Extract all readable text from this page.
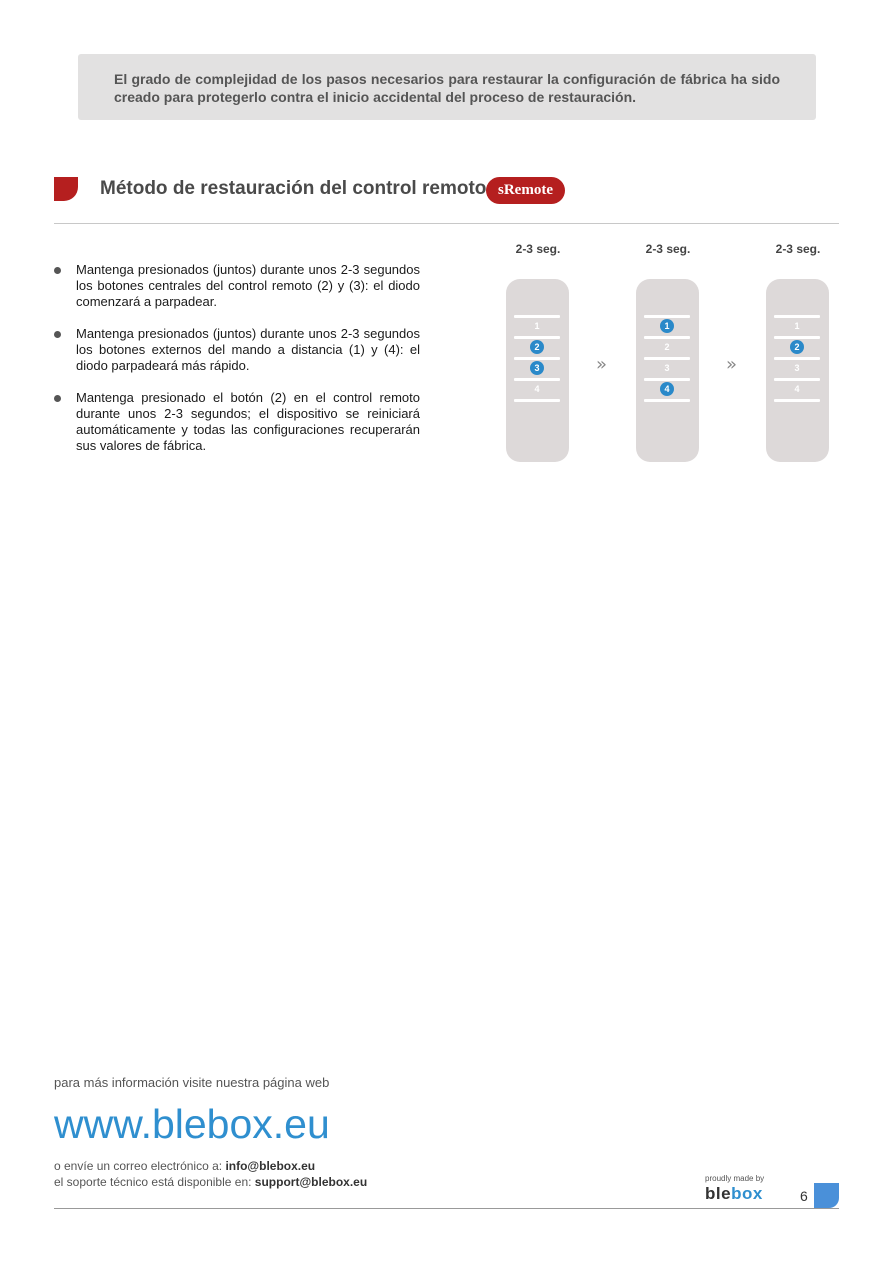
El grado de complejidad de los pasos necesarios para restaurar la configuración de fábrica ha sido creado para protegerlo contra el inicio accidental del proceso de restauración.

Método de restauración del control remoto sRemote
Mantenga presionados (juntos) durante unos 2-3 segundos los botones centrales del control remoto (2) y (3): el diodo comenzará a parpadear.
Mantenga presionados (juntos) durante unos 2-3 segundos los botones externos del mando a distancia (1) y (4): el diodo parpadeará más rápido.
Mantenga presionado el botón (2) en el control remoto durante unos 2-3 segundos; el dispositivo se reiniciará automáticamente y todas las configuraciones recuperarán sus valores de fábrica.
2-3 seg.
1
2
3
4
»
2-3 seg.
1
2
3
4
»
2-3 seg.
1
2
3
4

para más información visite nuestra página web

www.blebox.eu

o envíe un correo electrónico a: info@blebox.eu
el soporte técnico está disponible en: support@blebox.eu	proudly made by
blebox	6
